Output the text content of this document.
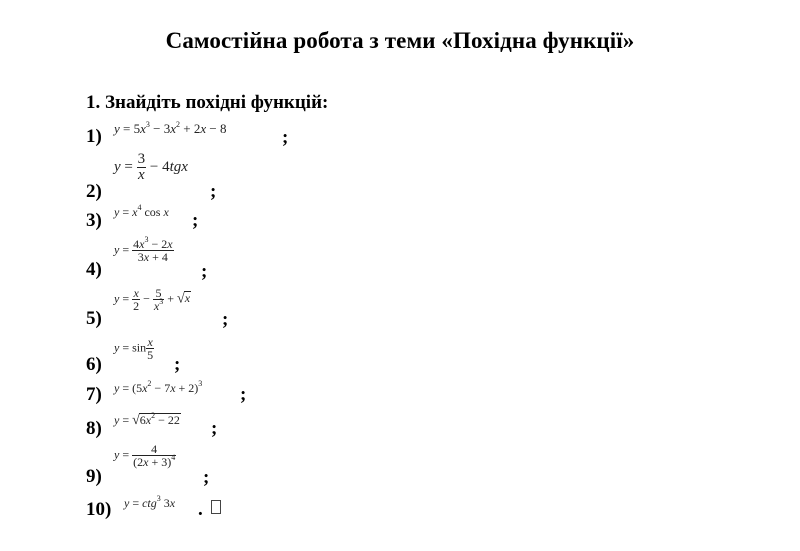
Самостійна робота з теми «Похідна функції»
1. Знайдіть похідні функцій:
1) $y = 5x^3 - 3x^2 + 2x - 8$	;
2)
$y = \frac{3}{x} - 4tgx$
;
3) $y = x^4$ cos x ;
4)
$y = \frac{4x^3 - 2x}{3x + 4}$
;
5)
$y = \frac{x}{2} - \frac{5}{x^3} + √x$
;
6)
$y = \sin \frac{x}{5}$
;
7) $y = (5x^2 - 7x + 2)^3$
;
8) $y = √6x^2 - 22$ ;
9)
$y = \frac{4}{(2x + 3)^4}$
;
10) y = ctg$^3$ 3x .
